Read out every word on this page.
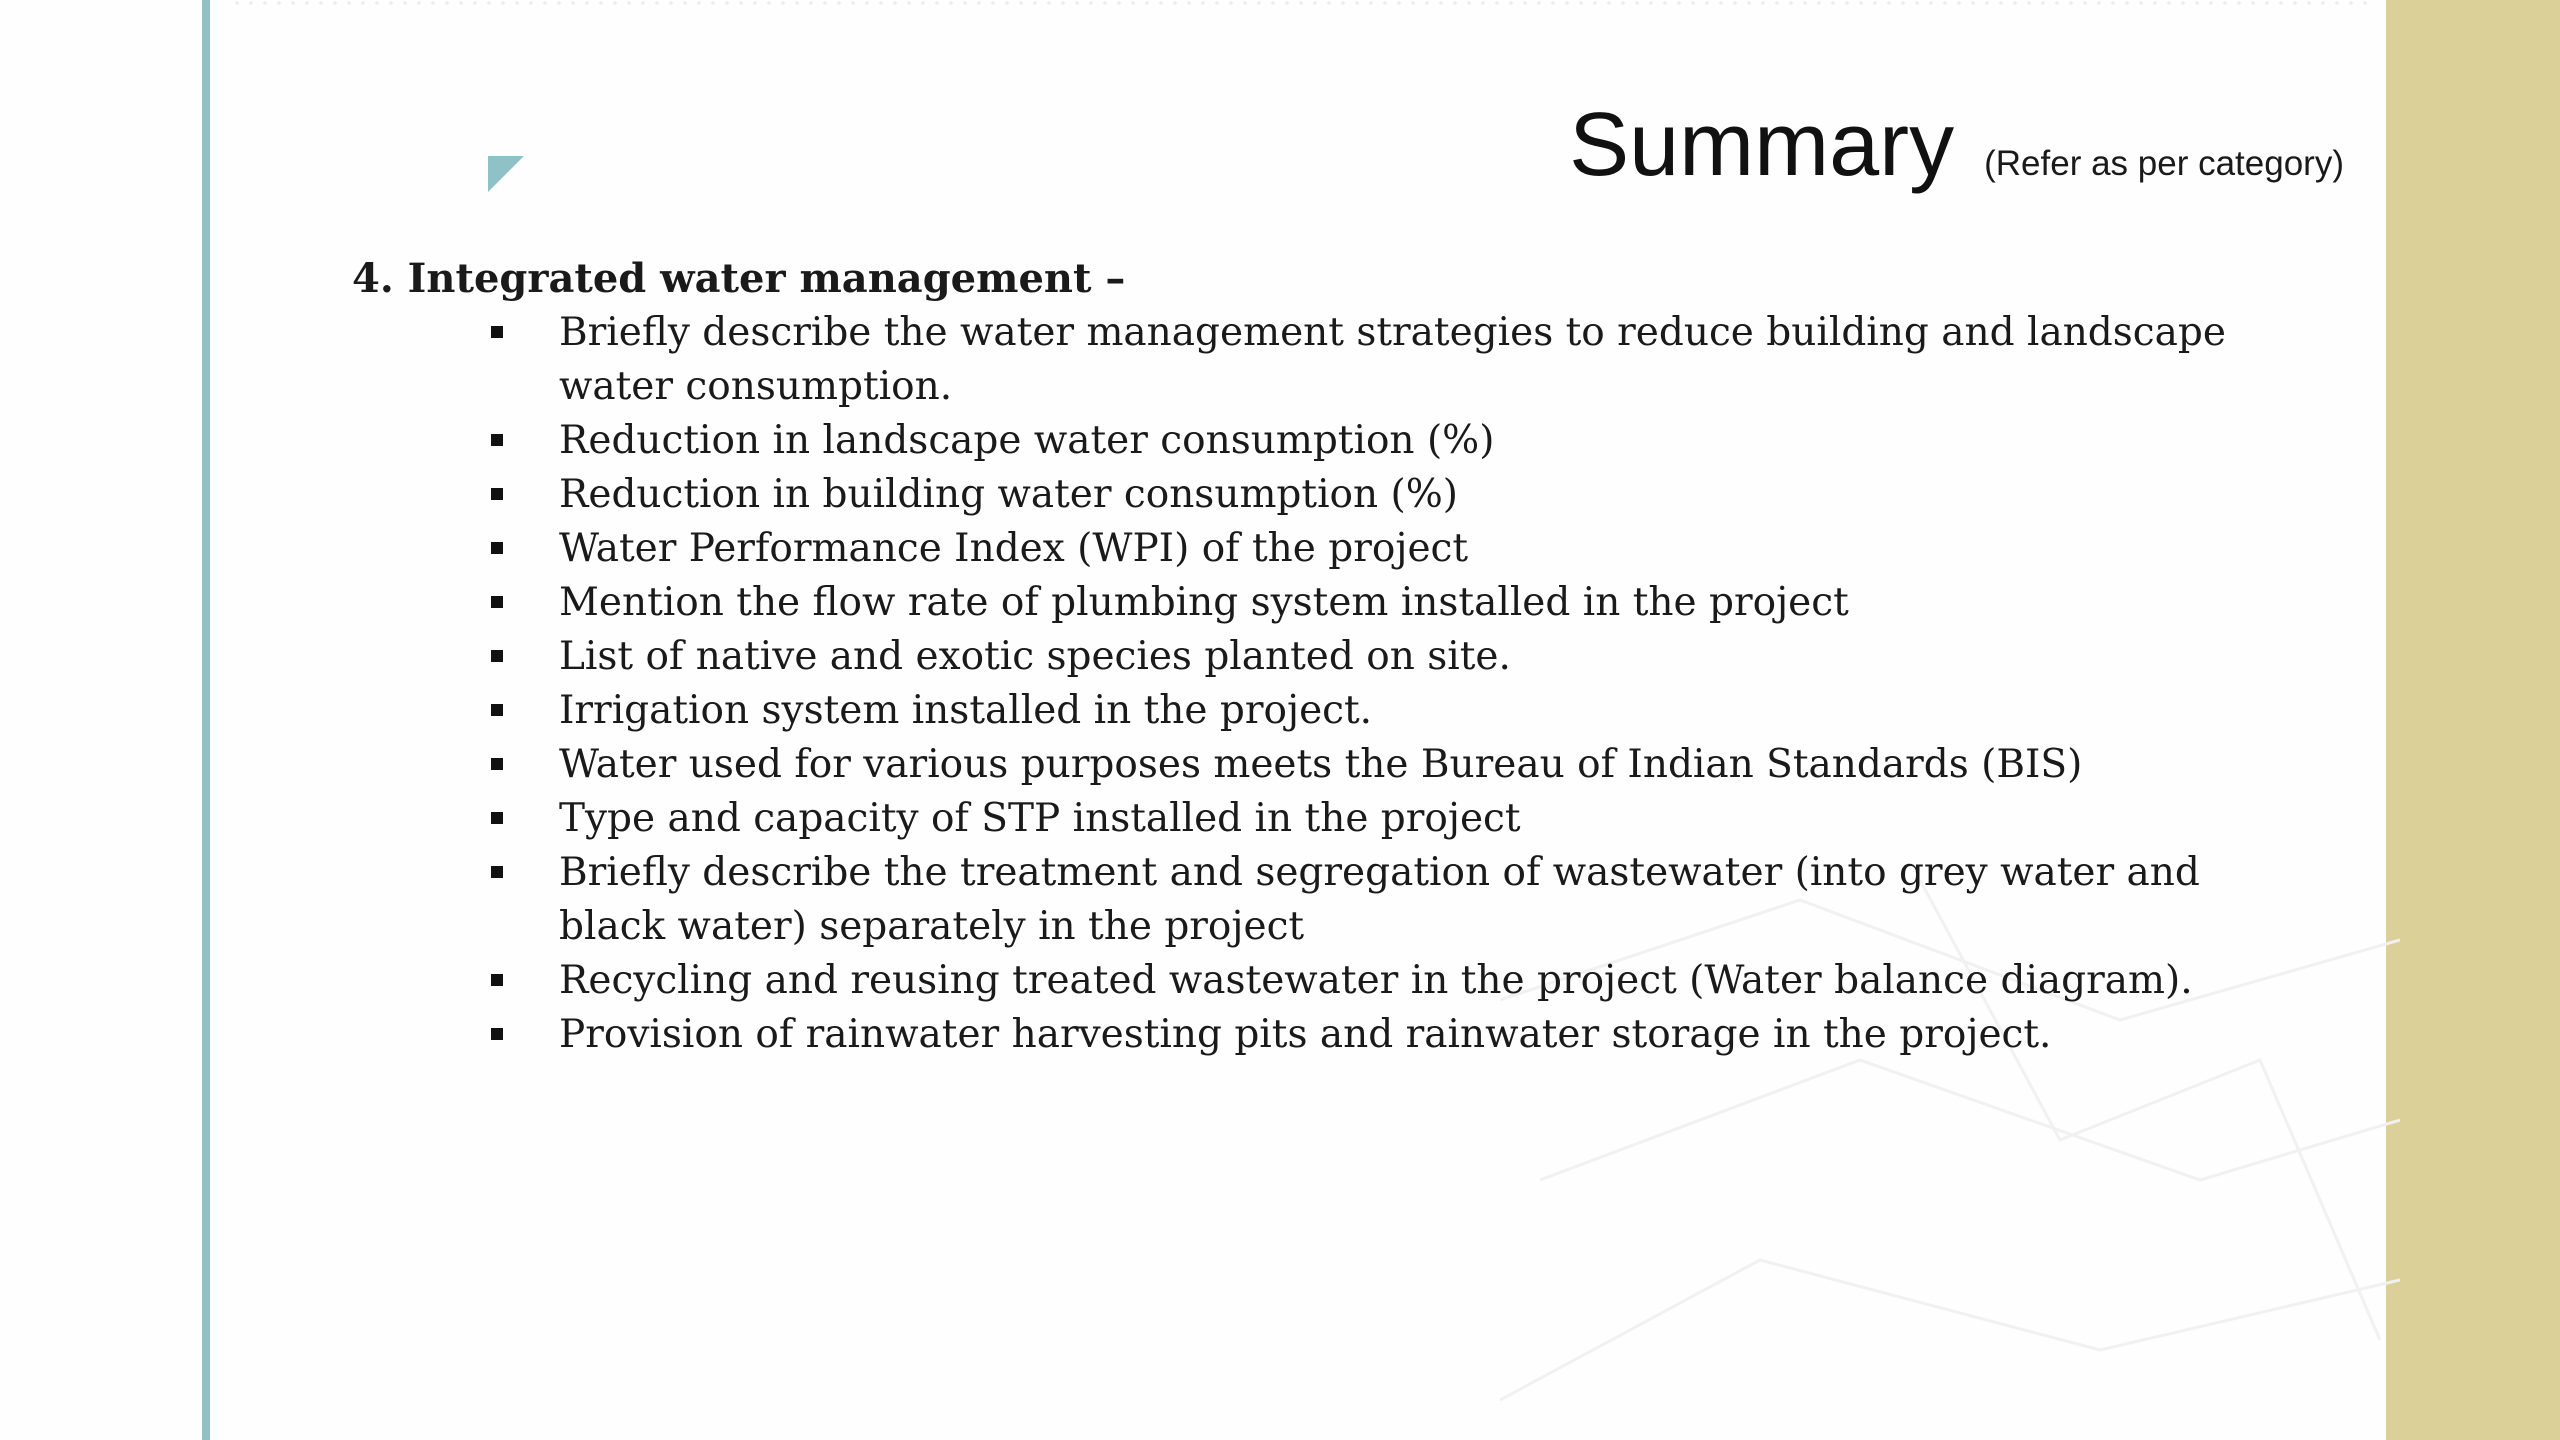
Summary (Refer as per category)

4. Integrated water management –

Briefly describe the water management strategies to reduce building and landscape water consumption.
Reduction in landscape water consumption (%)
Reduction in building water consumption (%)
Water Performance Index (WPI) of the project
Mention the flow rate of plumbing system installed in the project
List of native and exotic species planted on site.
Irrigation system installed in the project.
Water used for various purposes meets the Bureau of Indian Standards (BIS)
Type and capacity of STP installed in the project
Briefly describe the treatment and segregation of wastewater (into grey water and black water) separately in the project
Recycling and reusing treated wastewater in the project (Water balance diagram).
Provision of rainwater harvesting pits and rainwater storage in the project.
